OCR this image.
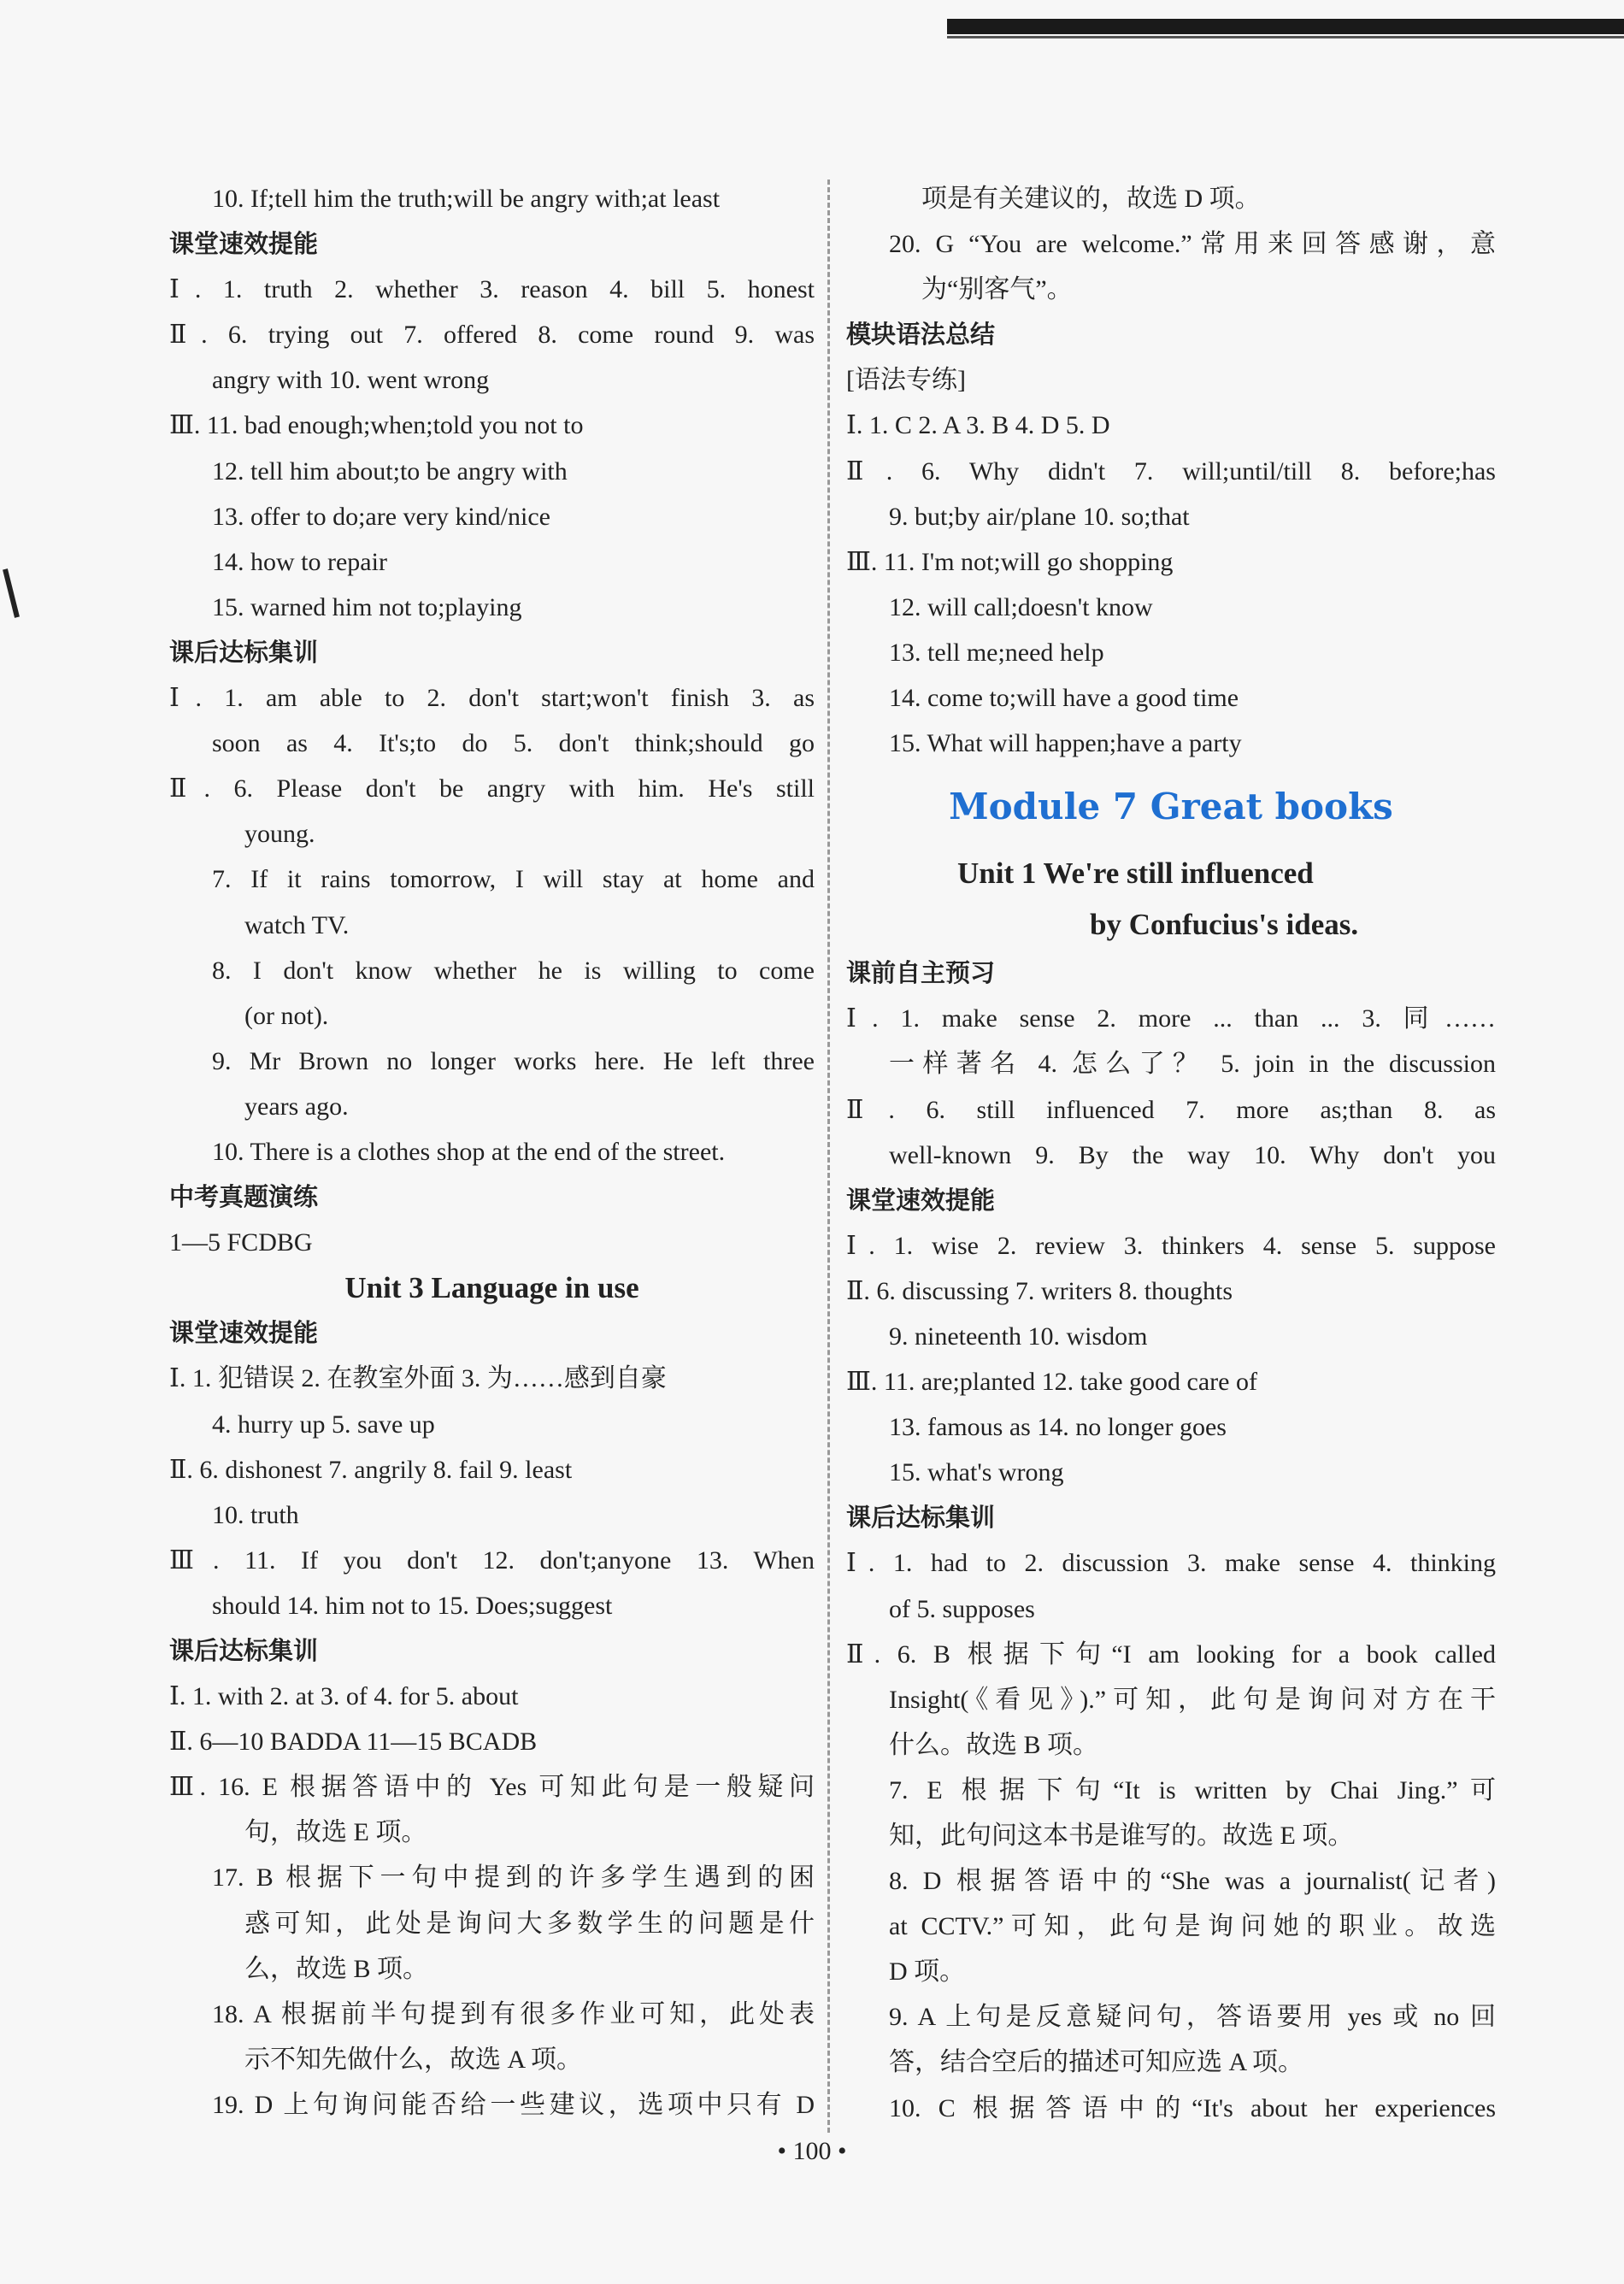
10. If;tell him the truth;will be angry with;at least
课堂速效提能
Ⅰ. 1. truth 2. whether 3. reason 4. bill 5. honest
Ⅱ. 6. trying out 7. offered 8. come round 9. was
angry with 10. went wrong
Ⅲ. 11. bad enough;when;told you not to
12. tell him about;to be angry with
13. offer to do;are very kind/nice
14. how to repair
15. warned him not to;playing
课后达标集训
Ⅰ. 1. am able to 2. don't start;won't finish 3. as
soon as 4. It's;to do 5. don't think;should go
Ⅱ. 6. Please don't be angry with him. He's still
young.
7. If it rains tomorrow, I will stay at home and
watch TV.
8. I don't know whether he is willing to come
(or not).
9. Mr Brown no longer works here. He left three
years ago.
10. There is a clothes shop at the end of the street.
中考真题演练
1—5 FCDBG
Unit 3 Language in use
课堂速效提能
Ⅰ. 1. 犯错误 2. 在教室外面 3. 为……感到自豪
4. hurry up 5. save up
Ⅱ. 6. dishonest 7. angrily 8. fail 9. least
10. truth
Ⅲ. 11. If you don't 12. don't;anyone 13. When
should 14. him not to 15. Does;suggest
课后达标集训
Ⅰ. 1. with 2. at 3. of 4. for 5. about
Ⅱ. 6—10 BADDA 11—15 BCADB
Ⅲ. 16. E 根据答语中的 Yes 可知此句是一般疑问
句，故选 E 项。
17. B 根据下一句中提到的许多学生遇到的困
惑可知，此处是询问大多数学生的问题是什
么，故选 B 项。
18. A 根据前半句提到有很多作业可知，此处表
示不知先做什么，故选 A 项。
19. D 上句询问能否给一些建议，选项中只有 D
项是有关建议的，故选 D 项。
20. G “You are welcome.”常用来回答感谢，意
为“别客气”。
模块语法总结
[语法专练]
Ⅰ. 1. C 2. A 3. B 4. D 5. D
Ⅱ. 6. Why didn't 7. will;until/till 8. before;has
9. but;by air/plane 10. so;that
Ⅲ. 11. I'm not;will go shopping
12. will call;doesn't know
13. tell me;need help
14. come to;will have a good time
15. What will happen;have a party
Module 7 Great books
Unit 1 We're still influenced
by Confucius's ideas.
课前自主预习
Ⅰ. 1. make sense 2. more ... than ... 3. 同……
一样著名 4. 怎么了？ 5. join in the discussion
Ⅱ. 6. still influenced 7. more as;than 8. as
well-known 9. By the way 10. Why don't you
课堂速效提能
Ⅰ. 1. wise 2. review 3. thinkers 4. sense 5. suppose
Ⅱ. 6. discussing 7. writers 8. thoughts
9. nineteenth 10. wisdom
Ⅲ. 11. are;planted 12. take good care of
13. famous as 14. no longer goes
15. what's wrong
课后达标集训
Ⅰ. 1. had to 2. discussion 3. make sense 4. thinking
of 5. supposes
Ⅱ. 6. B 根据下句“I am looking for a book called
Insight(《看见》).”可知，此句是询问对方在干
什么。故选 B 项。
7. E 根据下句“It is written by Chai Jing.”可
知，此句问这本书是谁写的。故选 E 项。
8. D 根据答语中的“She was a journalist(记者)
at CCTV.”可知，此句是询问她的职业。故选
D 项。
9. A 上句是反意疑问句，答语要用 yes 或 no 回
答，结合空后的描述可知应选 A 项。
10. C 根据答语中的“It's about her experiences
• 100 •
